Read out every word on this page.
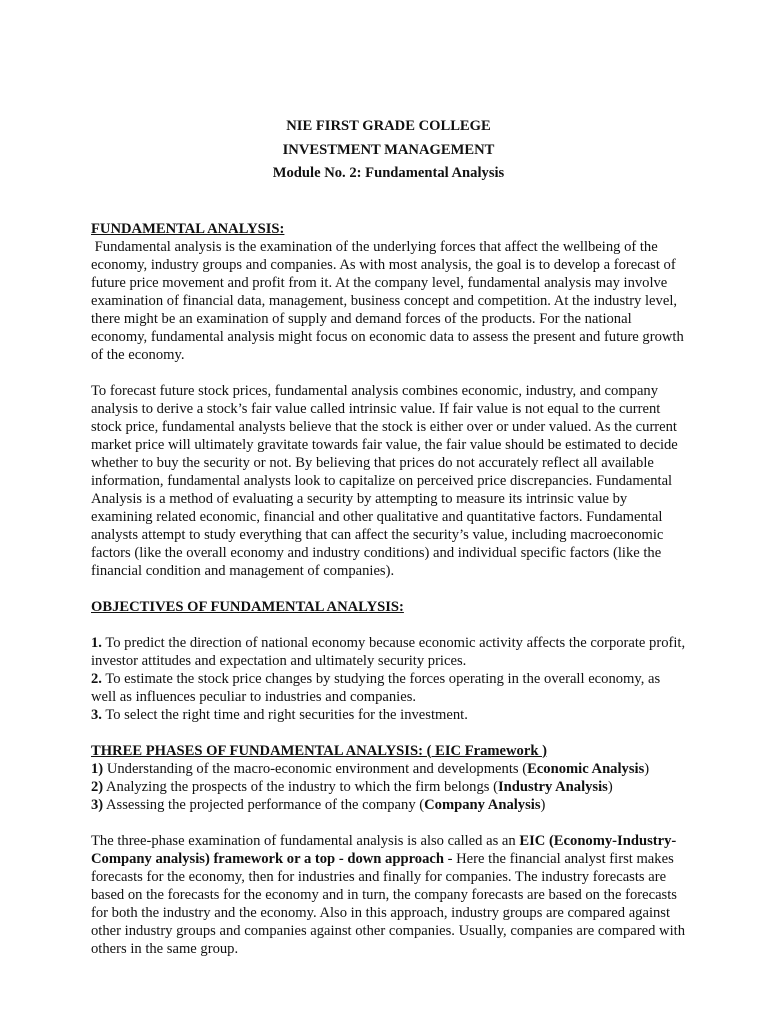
NIE FIRST GRADE COLLEGE
INVESTMENT MANAGEMENT
Module No. 2: Fundamental Analysis
FUNDAMENTAL ANALYSIS:

Fundamental analysis is the examination of the underlying forces that affect the wellbeing of the economy, industry groups and companies. As with most analysis, the goal is to develop a forecast of future price movement and profit from it. At the company level, fundamental analysis may involve examination of financial data, management, business concept and competition. At the industry level, there might be an examination of supply and demand forces of the products. For the national economy, fundamental analysis might focus on economic data to assess the present and future growth of the economy.

To forecast future stock prices, fundamental analysis combines economic, industry, and company analysis to derive a stock’s fair value called intrinsic value. If fair value is not equal to the current stock price, fundamental analysts believe that the stock is either over or under valued. As the current market price will ultimately gravitate towards fair value, the fair value should be estimated to decide whether to buy the security or not. By believing that prices do not accurately reflect all available information, fundamental analysts look to capitalize on perceived price discrepancies. Fundamental Analysis is a method of evaluating a security by attempting to measure its intrinsic value by examining related economic, financial and other qualitative and quantitative factors. Fundamental analysts attempt to study everything that can affect the security’s value, including macroeconomic factors (like the overall economy and industry conditions) and individual specific factors (like the financial condition and management of companies).

OBJECTIVES OF FUNDAMENTAL ANALYSIS:

1. To predict the direction of national economy because economic activity affects the corporate profit, investor attitudes and expectation and ultimately security prices.

2. To estimate the stock price changes by studying the forces operating in the overall economy, as well as influences peculiar to industries and companies.

3. To select the right time and right securities for the investment.

THREE PHASES OF FUNDAMENTAL ANALYSIS: ( EIC Framework )

1) Understanding of the macro-economic environment and developments (Economic Analysis)

2) Analyzing the prospects of the industry to which the firm belongs (Industry Analysis)

3) Assessing the projected performance of the company (Company Analysis)

The three-phase examination of fundamental analysis is also called as an EIC (Economy-Industry-Company analysis) framework or a top - down approach - Here the financial analyst first makes forecasts for the economy, then for industries and finally for companies. The industry forecasts are based on the forecasts for the economy and in turn, the company forecasts are based on the forecasts for both the industry and the economy. Also in this approach, industry groups are compared against other industry groups and companies against other companies. Usually, companies are compared with others in the same group.
